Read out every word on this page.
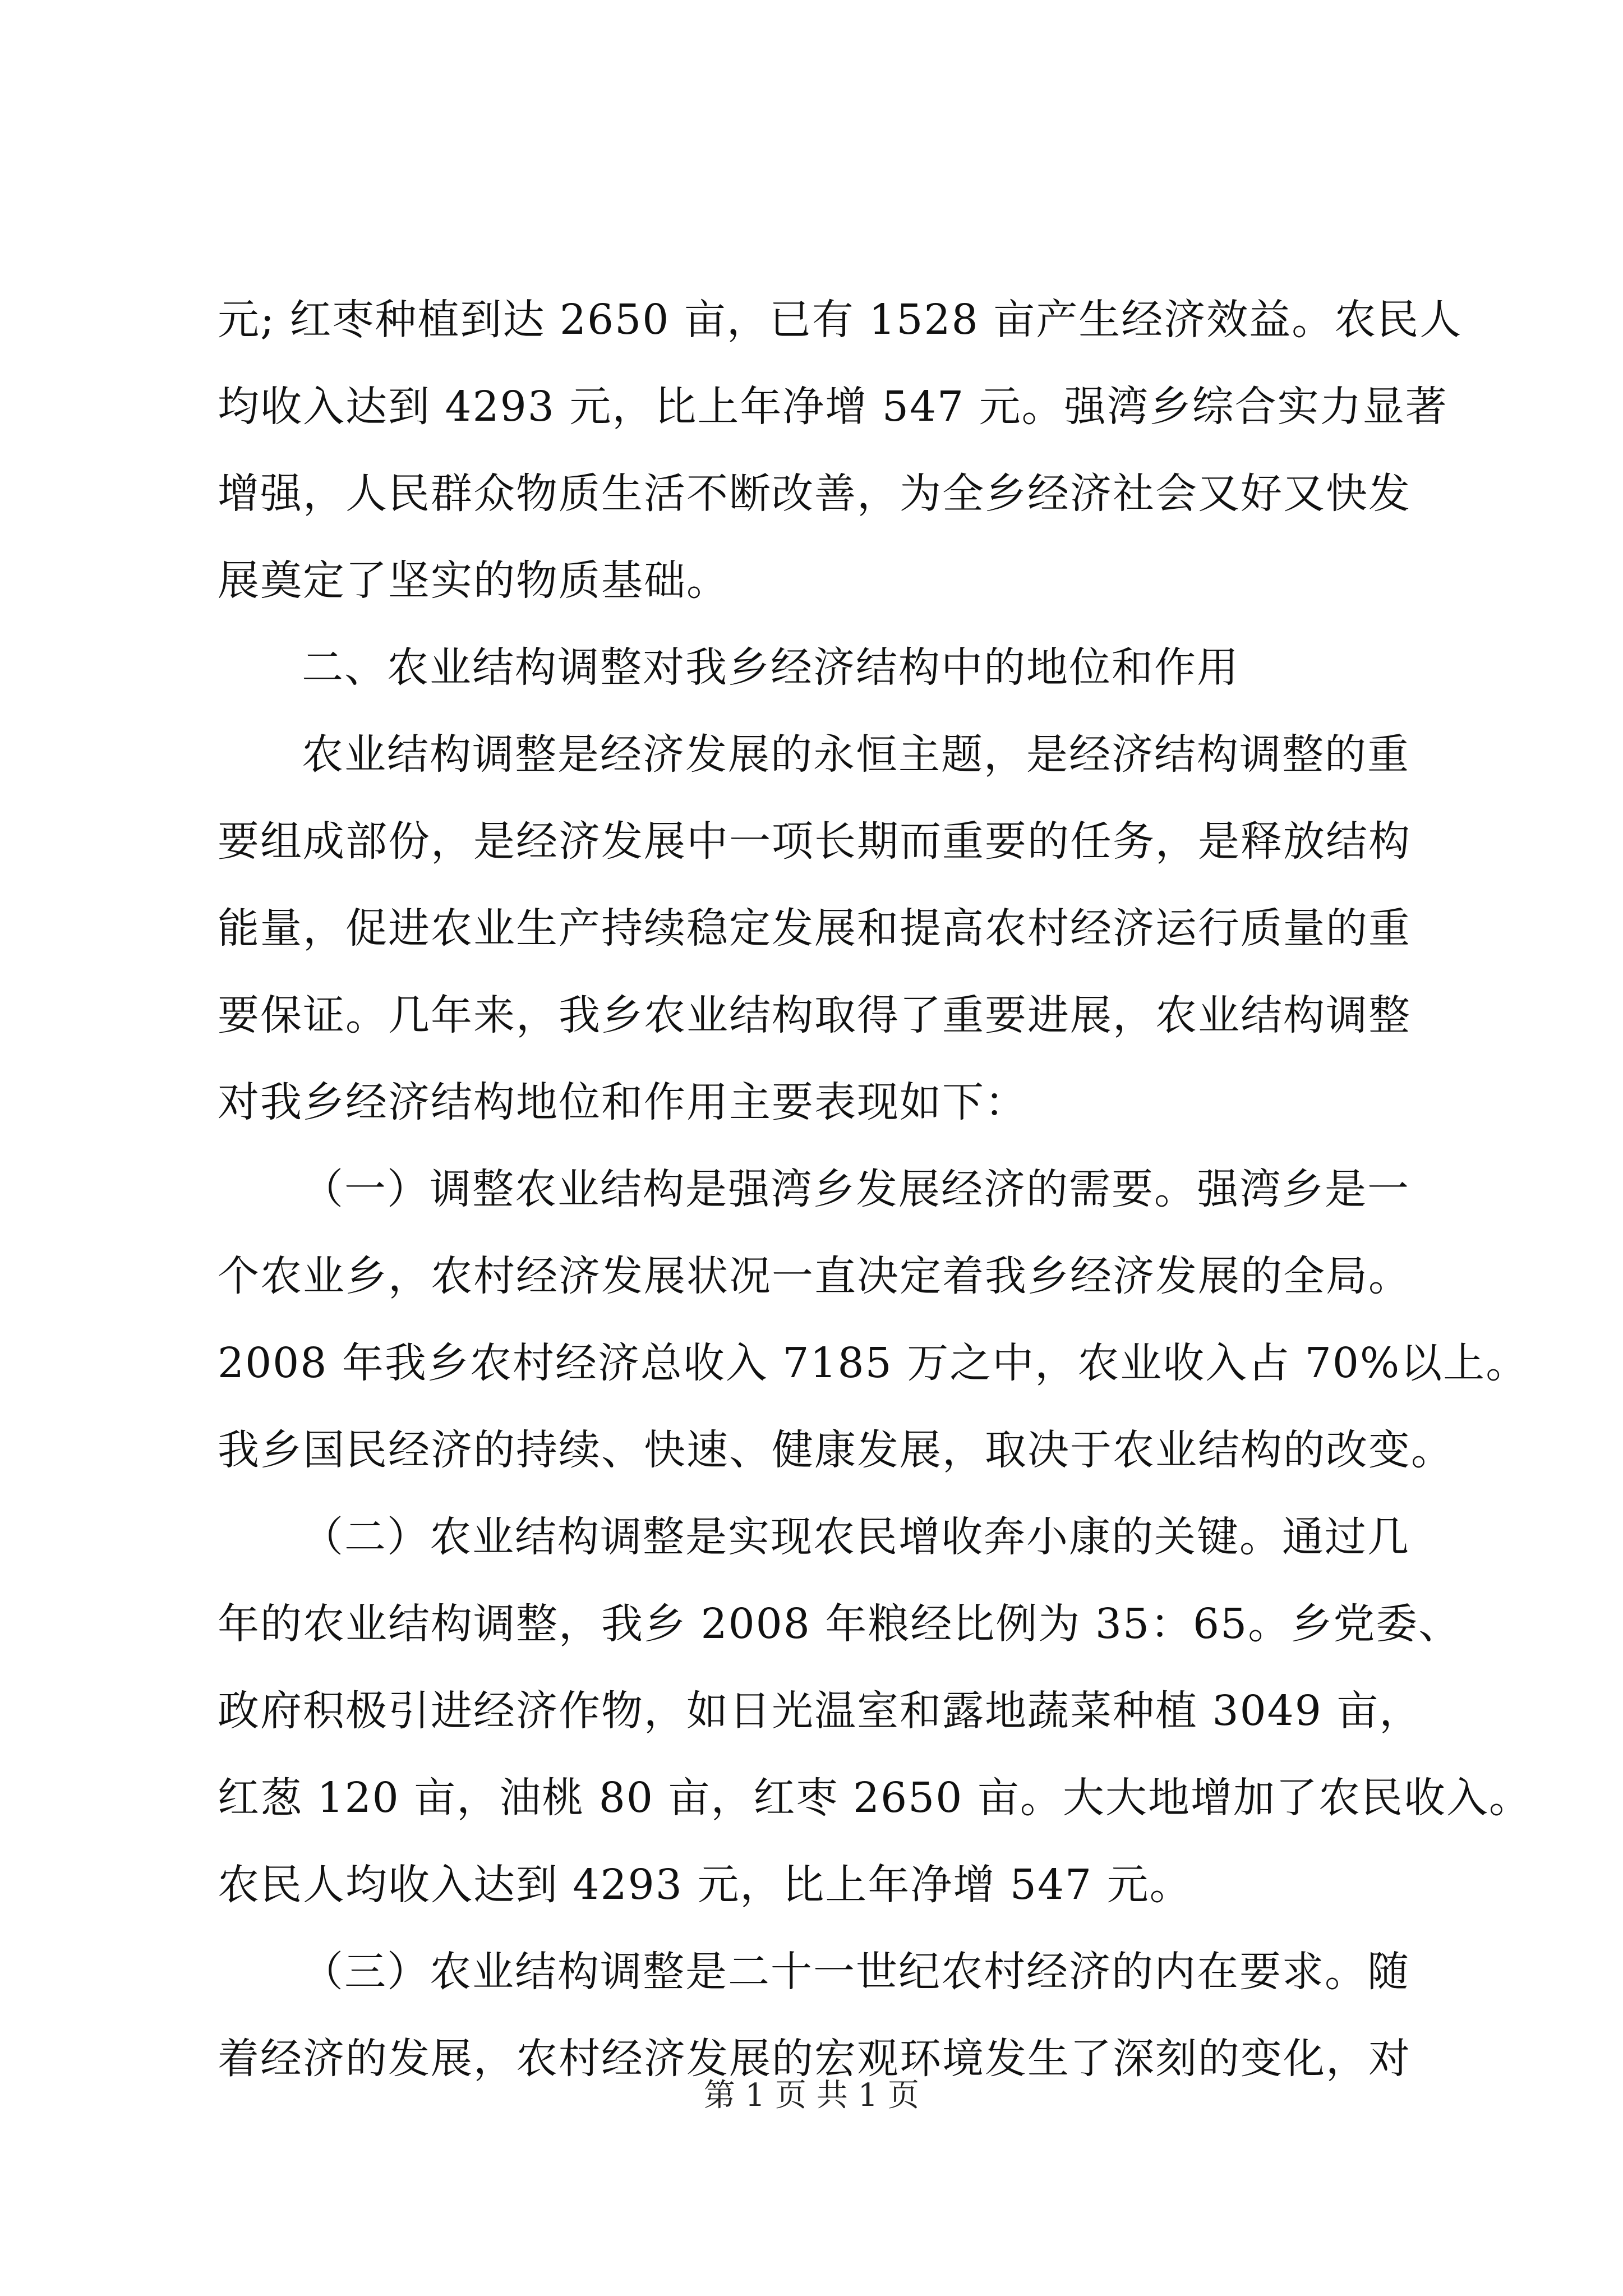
元; 红枣种植到达 2650 亩，已有 1528 亩产生经济效益。农民人
均收入达到 4293 元，比上年净增 547 元。强湾乡综合实力显著
增强，人民群众物质生活不断改善，为全乡经济社会又好又快发
展奠定了坚实的物质基础。
二、农业结构调整对我乡经济结构中的地位和作用
农业结构调整是经济发展的永恒主题，是经济结构调整的重
要组成部份，是经济发展中一项长期而重要的任务，是释放结构
能量，促进农业生产持续稳定发展和提高农村经济运行质量的重
要保证。几年来，我乡农业结构取得了重要进展，农业结构调整
对我乡经济结构地位和作用主要表现如下：
（一）调整农业结构是强湾乡发展经济的需要。强湾乡是一
个农业乡，农村经济发展状况一直决定着我乡经济发展的全局。
2008 年我乡农村经济总收入 7185 万之中，农业收入占 70%以上。
我乡国民经济的持续、快速、健康发展，取决于农业结构的改变。
（二）农业结构调整是实现农民增收奔小康的关键。通过几
年的农业结构调整，我乡 2008 年粮经比例为 35：65。乡党委、
政府积极引进经济作物，如日光温室和露地蔬菜种植 3049 亩，
红葱 120 亩，油桃 80 亩，红枣 2650 亩。大大地增加了农民收入。
农民人均收入达到 4293 元，比上年净增 547 元。
（三）农业结构调整是二十一世纪农村经济的内在要求。随
着经济的发展，农村经济发展的宏观环境发生了深刻的变化，对
第 1 页 共 1 页
